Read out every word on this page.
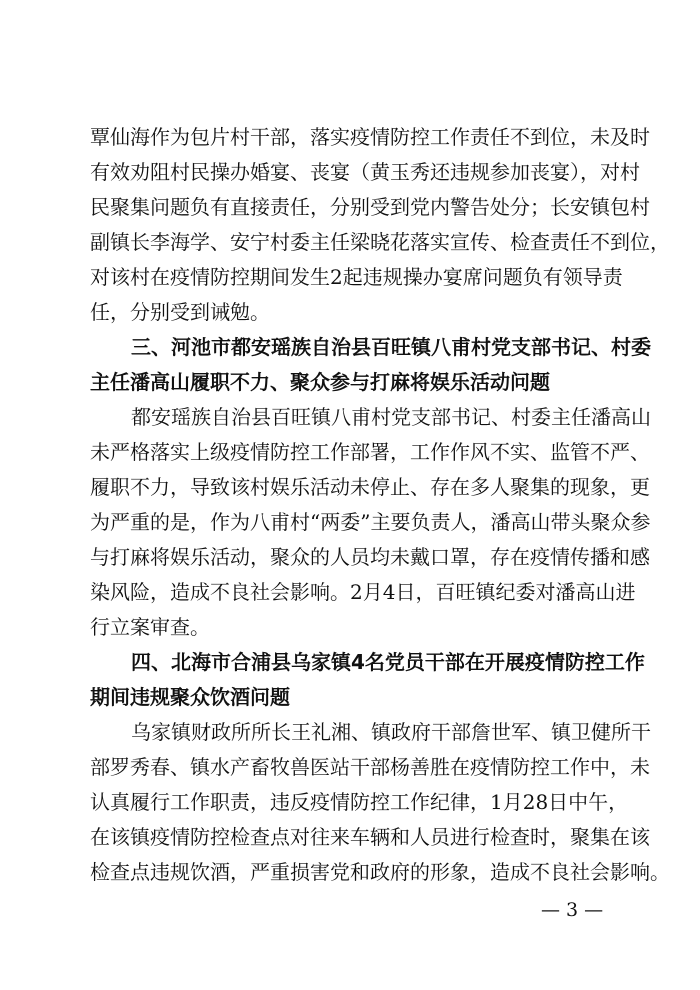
覃仙海作为包片村干部，落实疫情防控工作责任不到位，未及时
有效劝阻村民操办婚宴、丧宴（黄玉秀还违规参加丧宴），对村
民聚集问题负有直接责任，分别受到党内警告处分；长安镇包村
副镇长李海学、安宁村委主任梁晓花落实宣传、检查责任不到位，
对该村在疫情防控期间发生2起违规操办宴席问题负有领导责
任，分别受到诫勉。
三、河池市都安瑶族自治县百旺镇八甫村党支部书记、村委
主任潘高山履职不力、聚众参与打麻将娱乐活动问题
都安瑶族自治县百旺镇八甫村党支部书记、村委主任潘高山
未严格落实上级疫情防控工作部署，工作作风不实、监管不严、
履职不力，导致该村娱乐活动未停止、存在多人聚集的现象，更
为严重的是，作为八甫村“两委”主要负责人，潘高山带头聚众参
与打麻将娱乐活动，聚众的人员均未戴口罩，存在疫情传播和感
染风险，造成不良社会影响。2月4日，百旺镇纪委对潘高山进
行立案审查。
四、北海市合浦县乌家镇4名党员干部在开展疫情防控工作
期间违规聚众饮酒问题
乌家镇财政所所长王礼湘、镇政府干部詹世军、镇卫健所干
部罗秀春、镇水产畜牧兽医站干部杨善胜在疫情防控工作中，未
认真履行工作职责，违反疫情防控工作纪律，1月28日中午，
在该镇疫情防控检查点对往来车辆和人员进行检查时，聚集在该
检查点违规饮酒，严重损害党和政府的形象，造成不良社会影响。
— 3 —
